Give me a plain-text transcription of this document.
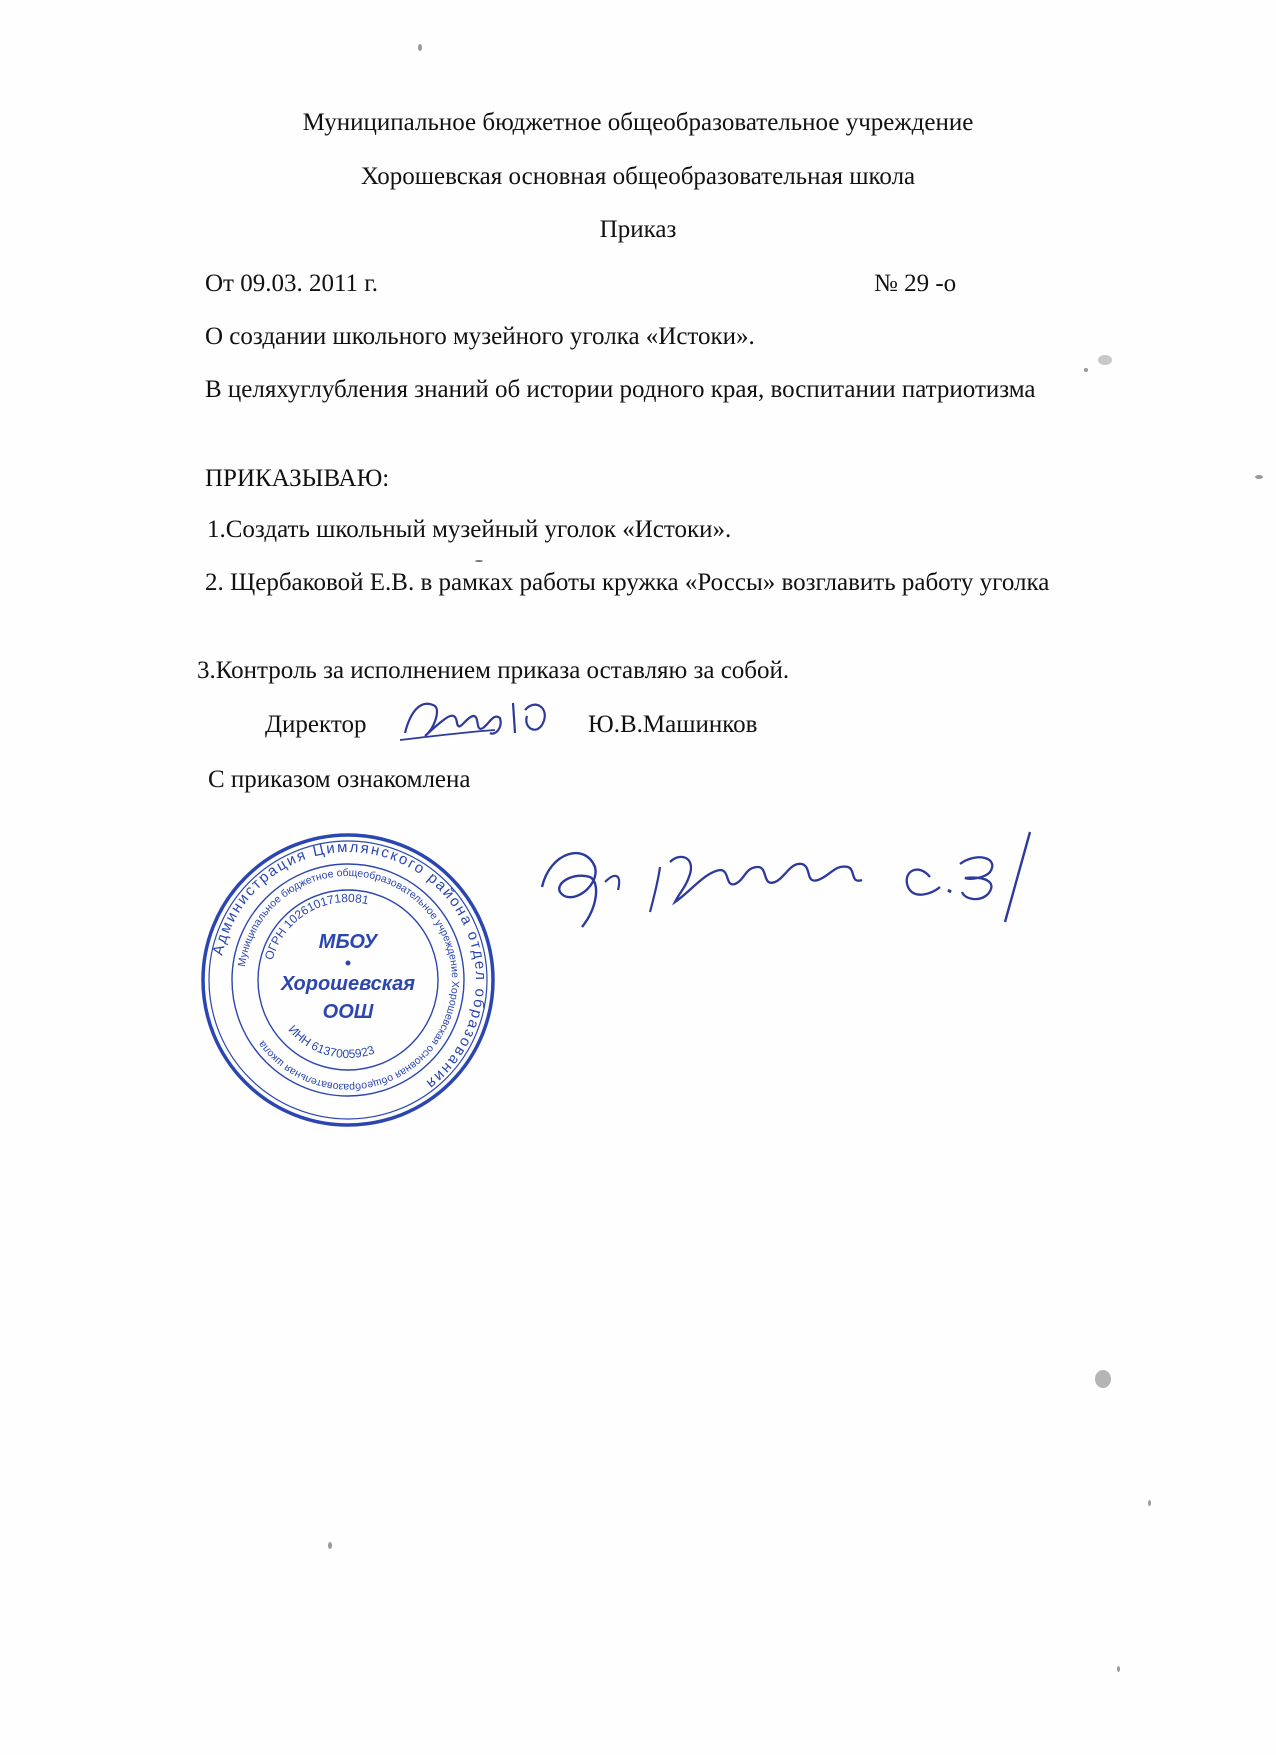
Муниципальное бюджетное общеобразовательное учреждение
Хорошевская основная общеобразовательная школа
Приказ
От 09.03. 2011 г.	№ 29 -о
О создании школьного музейного уголка «Истоки».
В целяхуглубления знаний об истории родного края, воспитании патриотизма
ПРИКАЗЫВАЮ:
1.Создать школьный музейный уголок «Истоки».
2. Щербаковой Е.В. в рамках работы кружка «Россы» возглавить работу уголка
3.Контроль за исполнением приказа оставляю за собой.
Директор	Ю.В.Машинков
С приказом ознакомлена
Администрация Цимлянского района отдел образования
Муниципальное бюджетное общеобразовательное учреждение Хорошевская основная общеобразовательная школа
ОГРН 1026101718081
ИНН 6137005923
МБОУ
Хорошевская
ООШ
